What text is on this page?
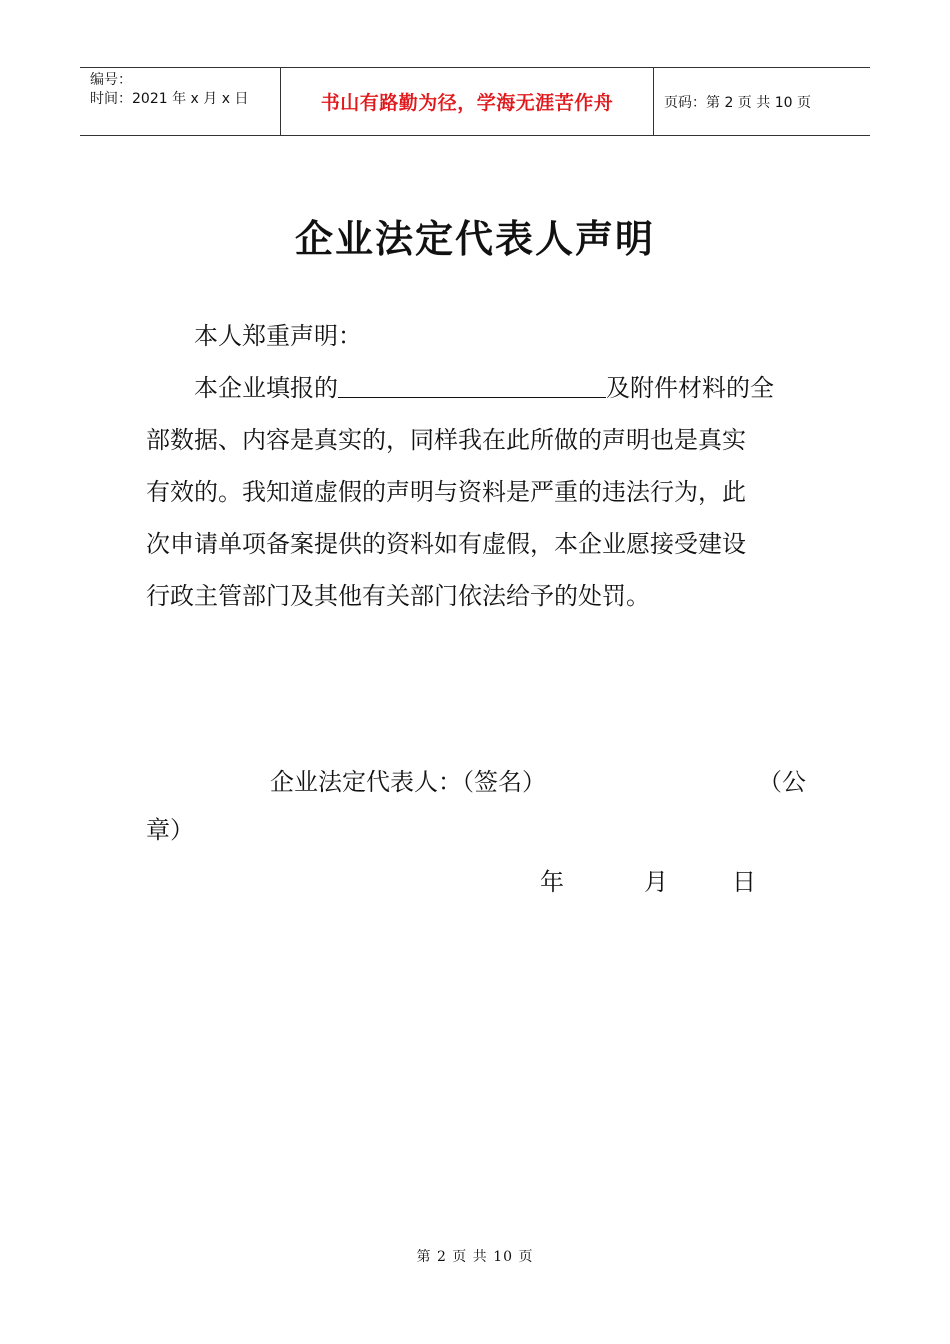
编号：
时间：2021 年 x 月 x 日	书山有路勤为径，学海无涯苦作舟	页码：第 2 页 共 10 页
企业法定代表人声明
本人郑重声明：
本企业填报的	及附件材料的全
部数据、内容是真实的，同样我在此所做的声明也是真实
有效的。我知道虚假的声明与资料是严重的违法行为，此
次申请单项备案提供的资料如有虚假，本企业愿接受建设
行政主管部门及其他有关部门依法给予的处罚。
企业法定代表人：（签名）	（公
章）
年	月	日
第 2 页 共 10 页
